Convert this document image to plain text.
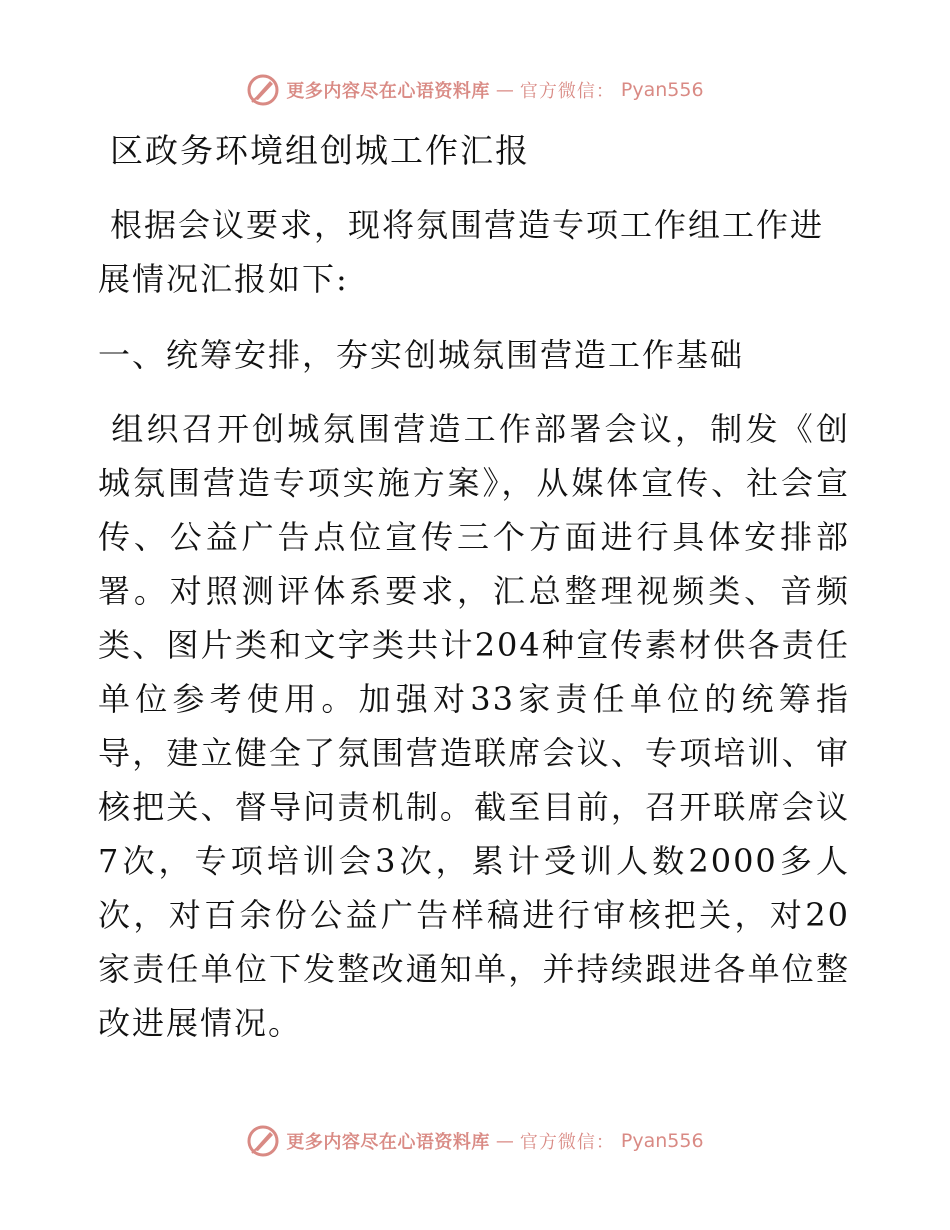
更多内容尽在心语资料库 — 官方微信： Pyan556
区政务环境组创城工作汇报

根据会议要求，现将氛围营造专项工作组工作进展情况汇报如下:

一、统筹安排，夯实创城氛围营造工作基础

组织召开创城氛围营造工作部署会议，制发《创城氛围营造专项实施方案》，从媒体宣传、社会宣传、公益广告点位宣传三个方面进行具体安排部署。对照测评体系要求，汇总整理视频类、音频类、图片类和文字类共计204种宣传素材供各责任单位参考使用。加强对33家责任单位的统筹指导，建立健全了氛围营造联席会议、专项培训、审核把关、督导问责机制。截至目前，召开联席会议7次，专项培训会3次，累计受训人数2000多人次，对百余份公益广告样稿进行审核把关，对20家责任单位下发整改通知单，并持续跟进各单位整改进展情况。

更多内容尽在心语资料库 — 官方微信： Pyan556
